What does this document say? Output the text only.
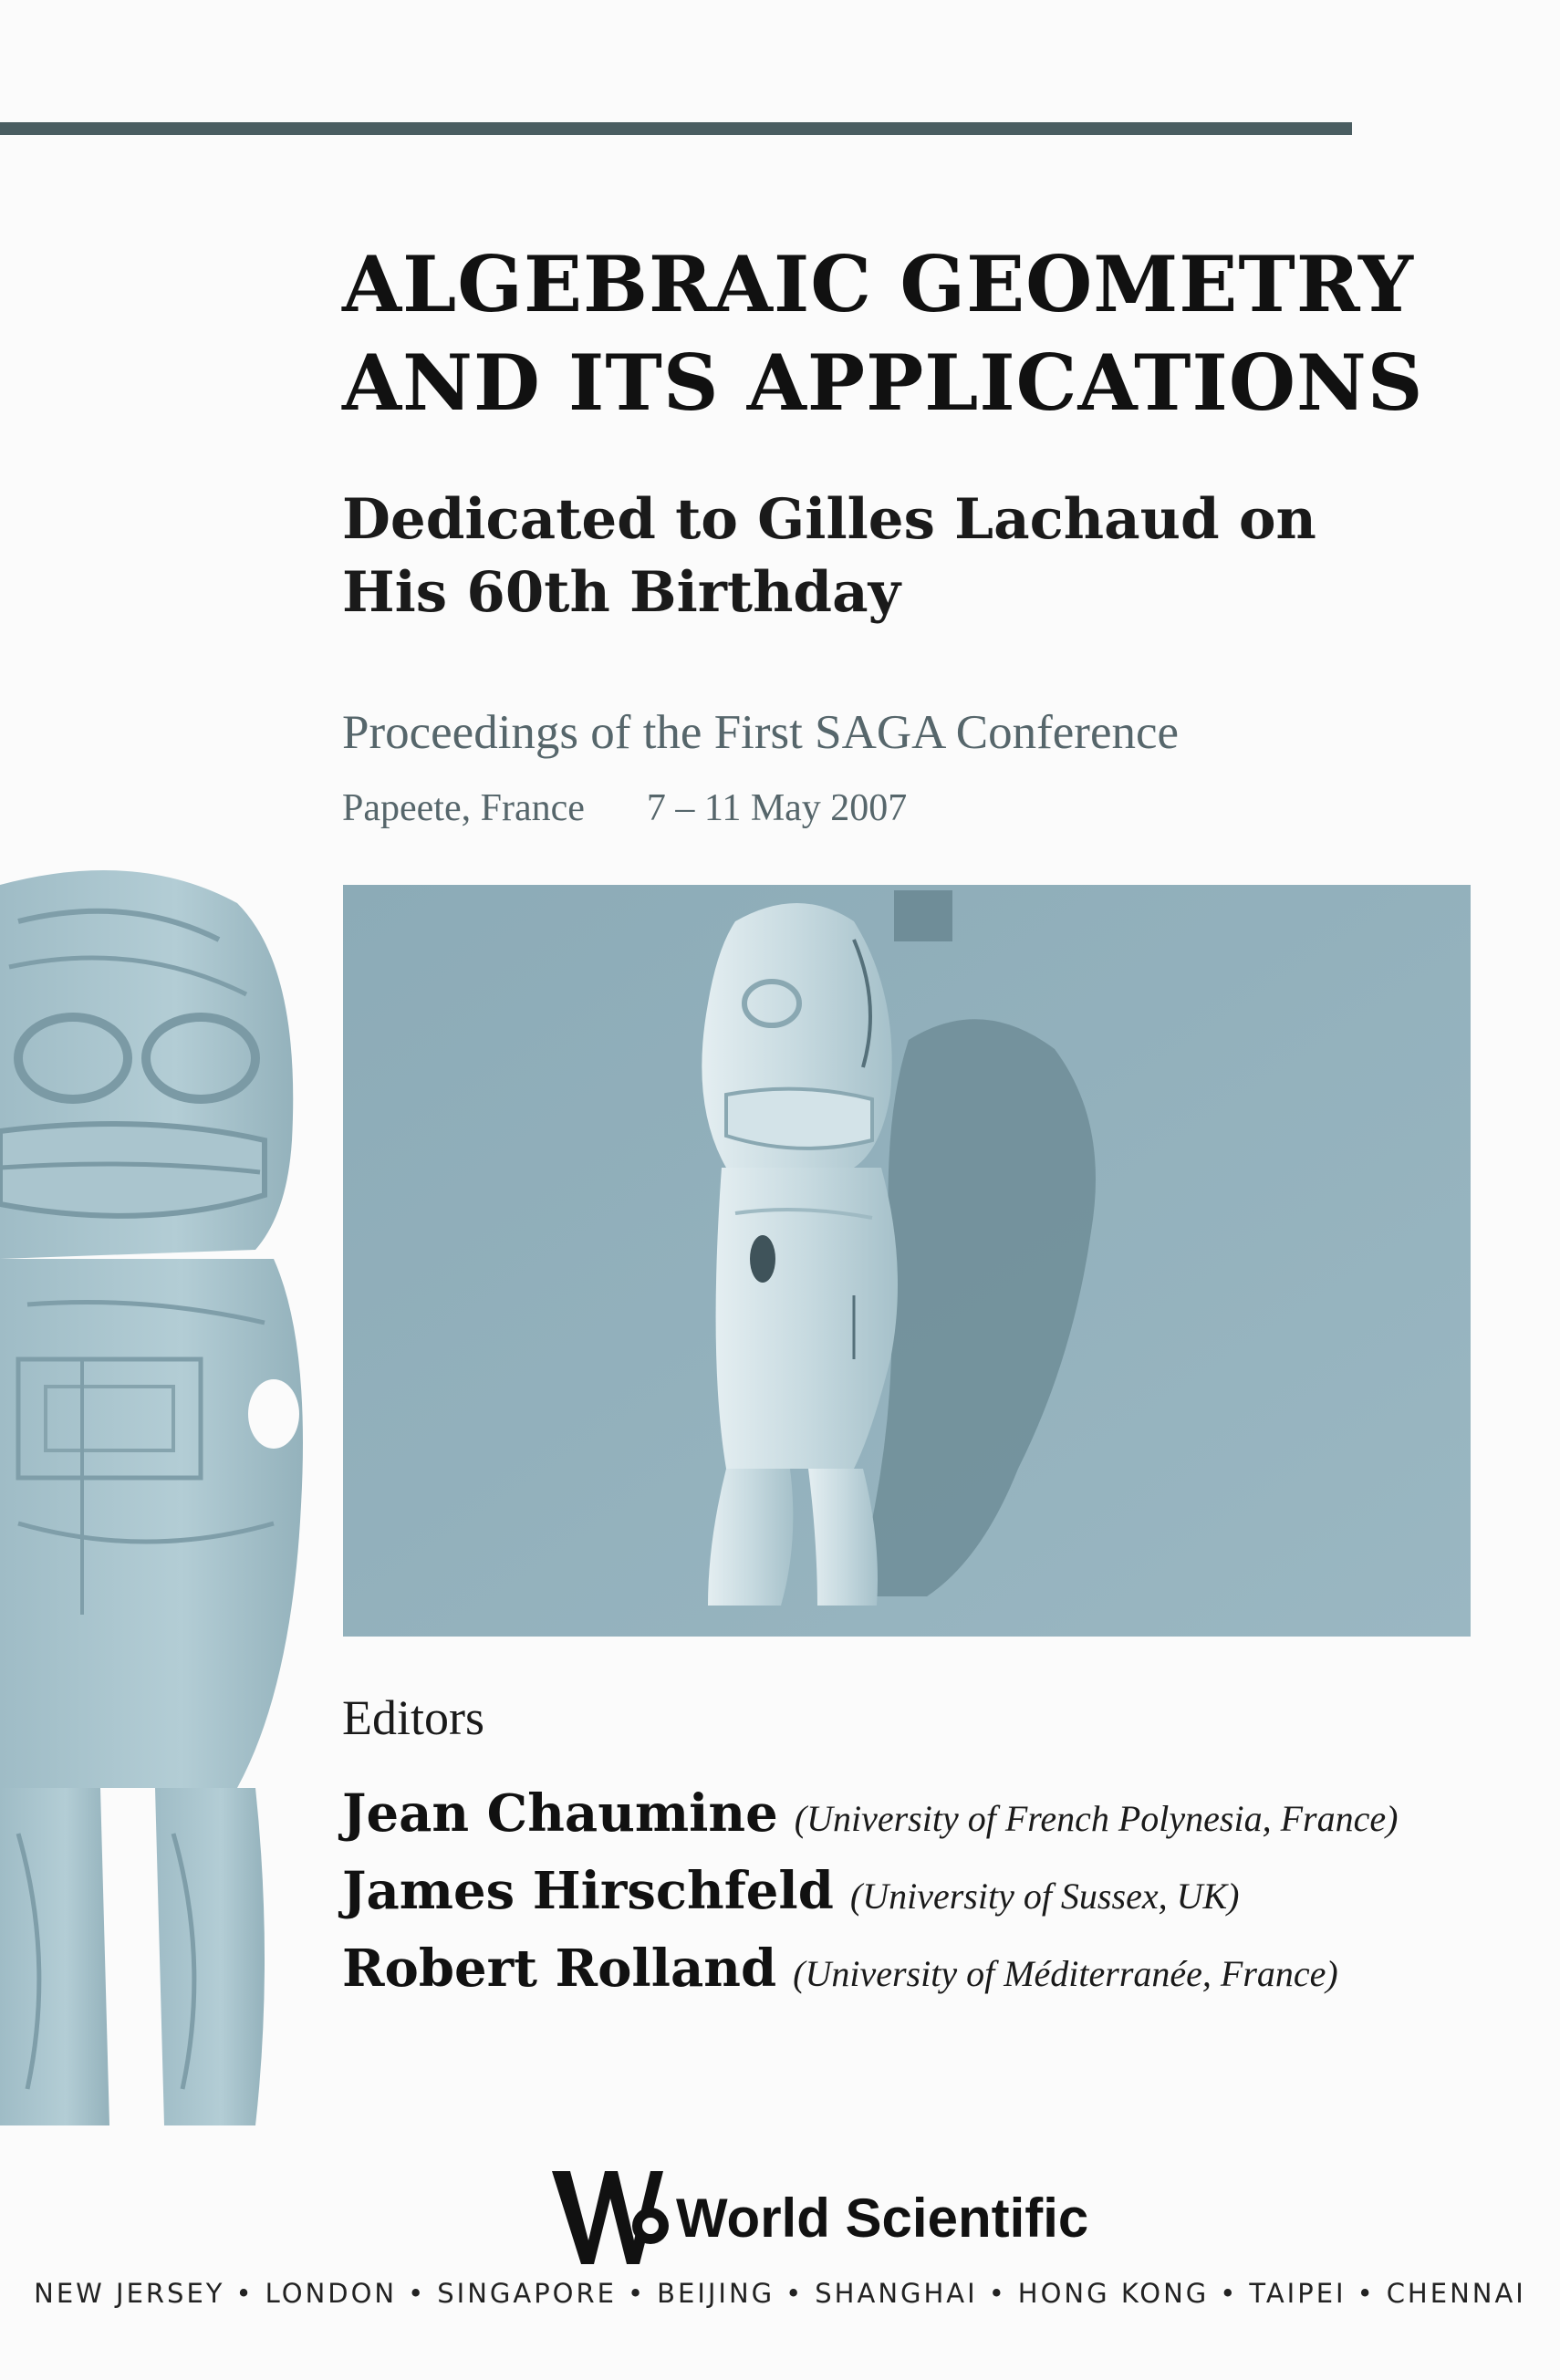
ALGEBRAIC GEOMETRY
AND ITS APPLICATIONS
Dedicated to Gilles Lachaud on
His 60th Birthday
Proceedings of the First SAGA Conference
Papeete, France 7 – 11 May 2007
Editors
Jean Chaumine (University of French Polynesia, France)
James Hirschfeld (University of Sussex, UK)
Robert Rolland (University of Méditerranée, France)
World Scientific
NEW JERSEY • LONDON • SINGAPORE • BEIJING • SHANGHAI • HONG KONG • TAIPEI • CHENNAI
